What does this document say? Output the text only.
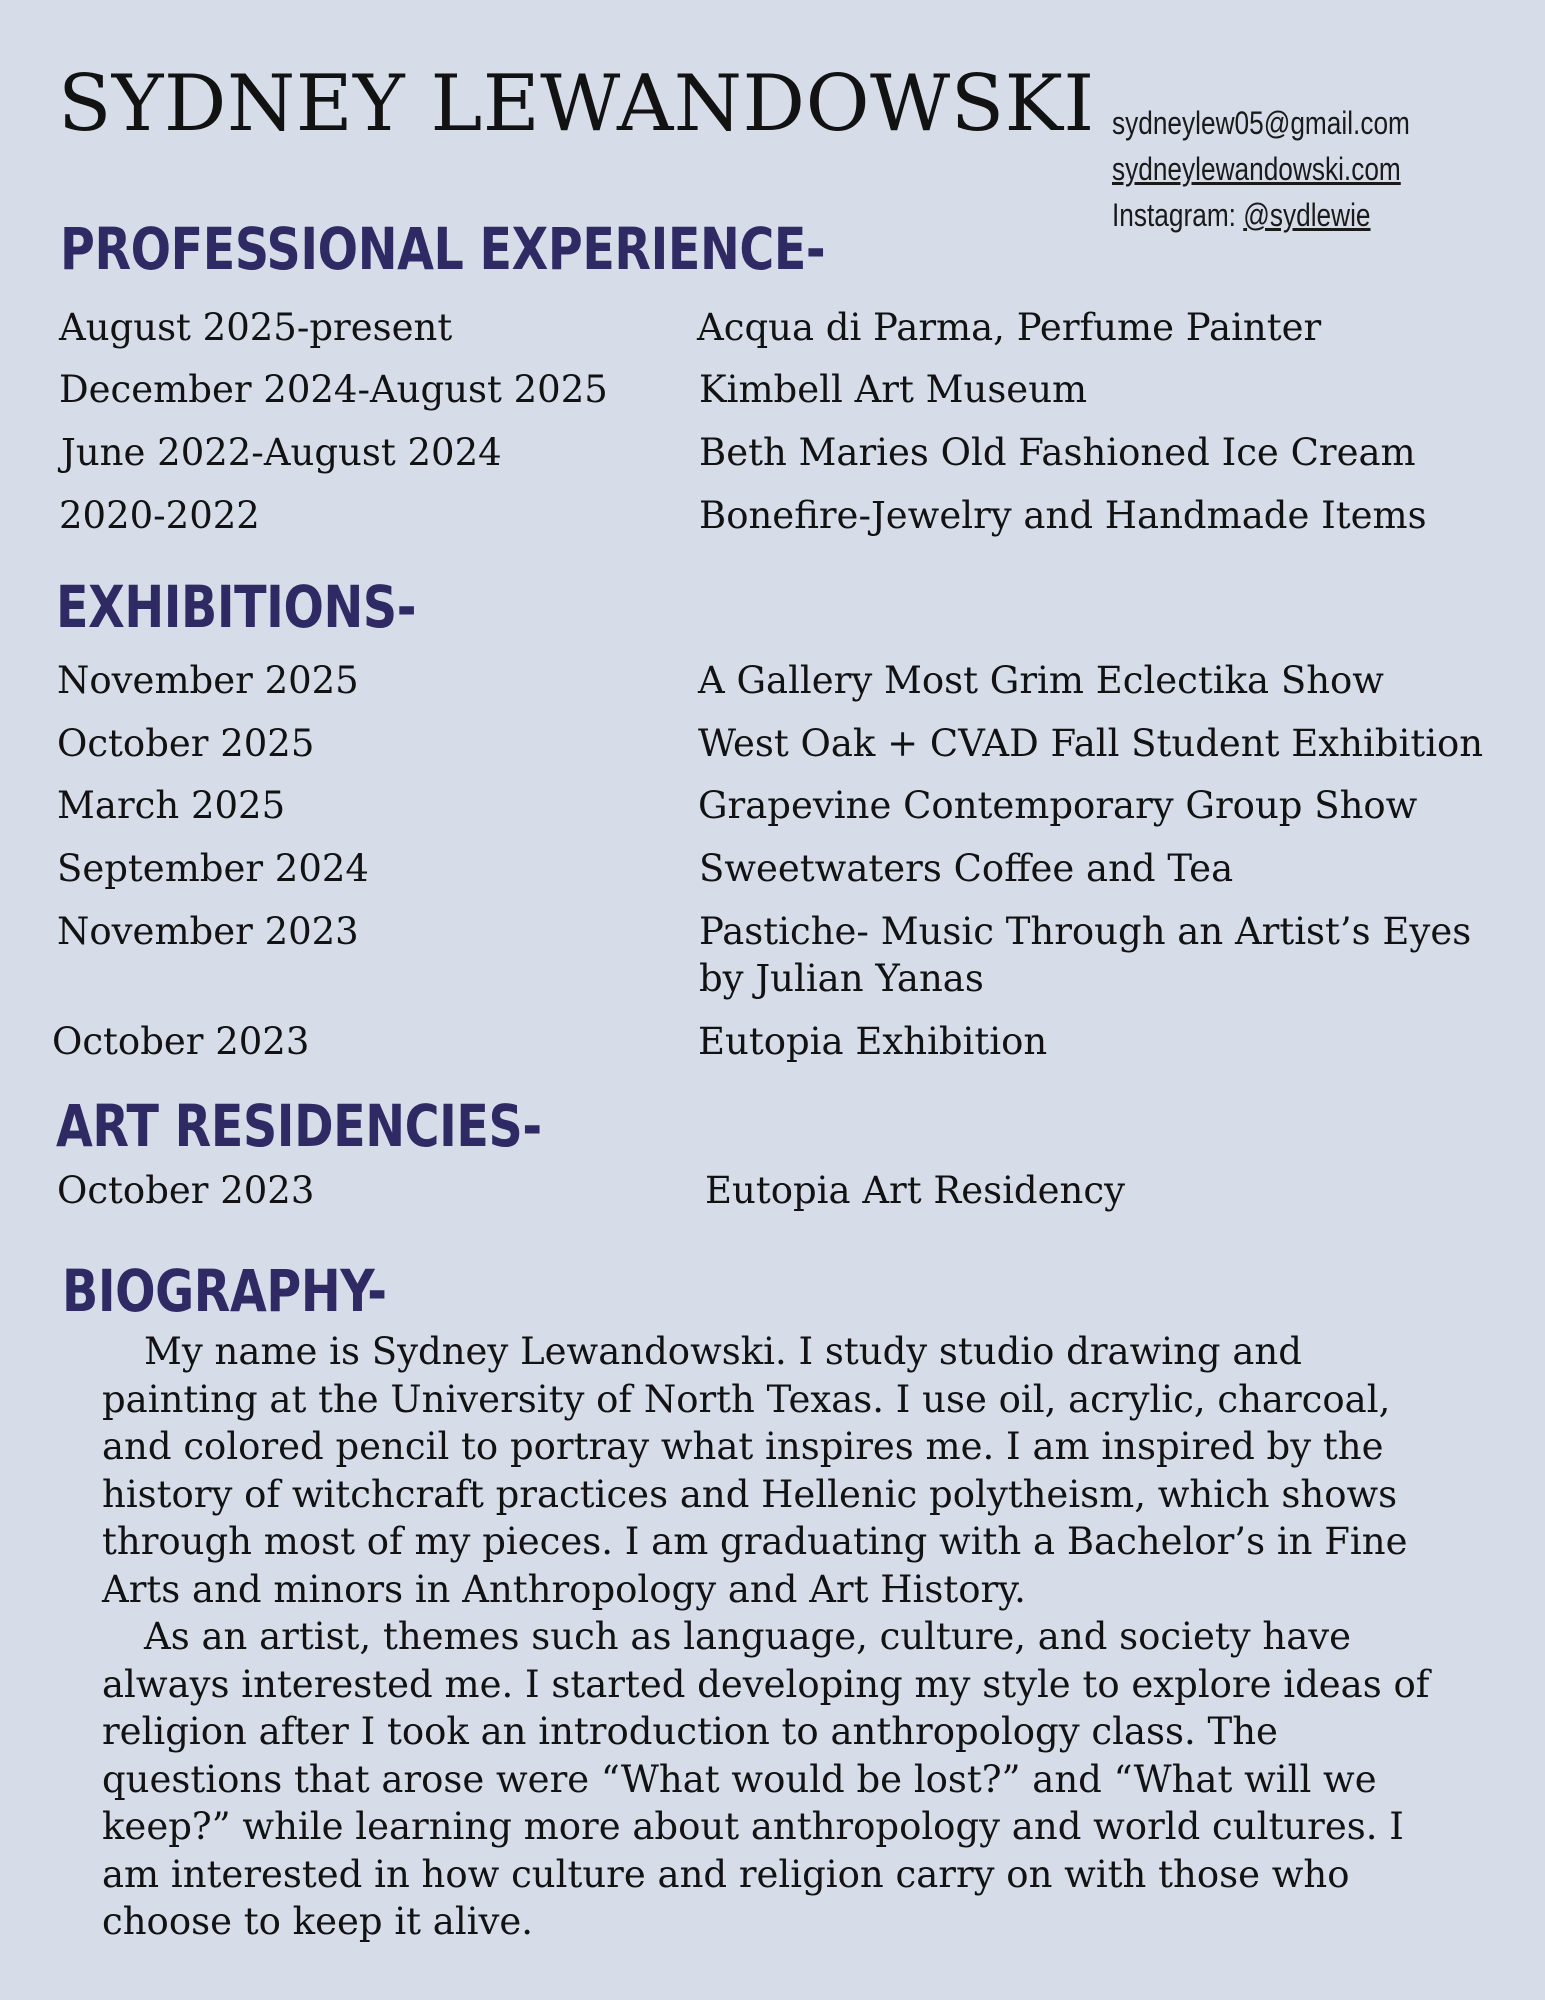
SYDNEY LEWANDOWSKI sydneylew05@gmail.com
sydneylewandowski.com
Instagram: @sydlewie
PROFESSIONAL EXPERIENCE-
August 2025-present	Acqua di Parma, Perfume Painter
December 2024-August 2025 Kimbell Art Museum
June 2022-August 2024	Beth Maries Old Fashioned Ice Cream
2020-2022	Bonefire-Jewelry and Handmade Items
EXHIBITIONS-
November 2025	A Gallery Most Grim Eclectika Show
October 2025	West Oak + CVAD Fall Student Exhibition
March 2025	Grapevine Contemporary Group Show
September 2024	Sweetwaters Coffee and Tea
November 2023	Pastiche- Music Through an Artist’s Eyes
by Julian Yanas
October 2023	Eutopia Exhibition
ART RESIDENCIES-
October 2023	Eutopia Art Residency
BIOGRAPHY-

My name is Sydney Lewandowski. I study studio drawing and painting at the University of North Texas. I use oil, acrylic, charcoal, and colored pencil to portray what inspires me. I am inspired by the history of witchcraft practices and Hellenic polytheism, which shows through most of my pieces. I am graduating with a Bachelor’s in Fine Arts and minors in Anthropology and Art History.

As an artist, themes such as language, culture, and society have always interested me. I started developing my style to explore ideas of religion after I took an introduction to anthropology class. The questions that arose were “What would be lost?” and “What will we keep?” while learning more about anthropology and world cultures. I am interested in how culture and religion carry on with those who choose to keep it alive.
